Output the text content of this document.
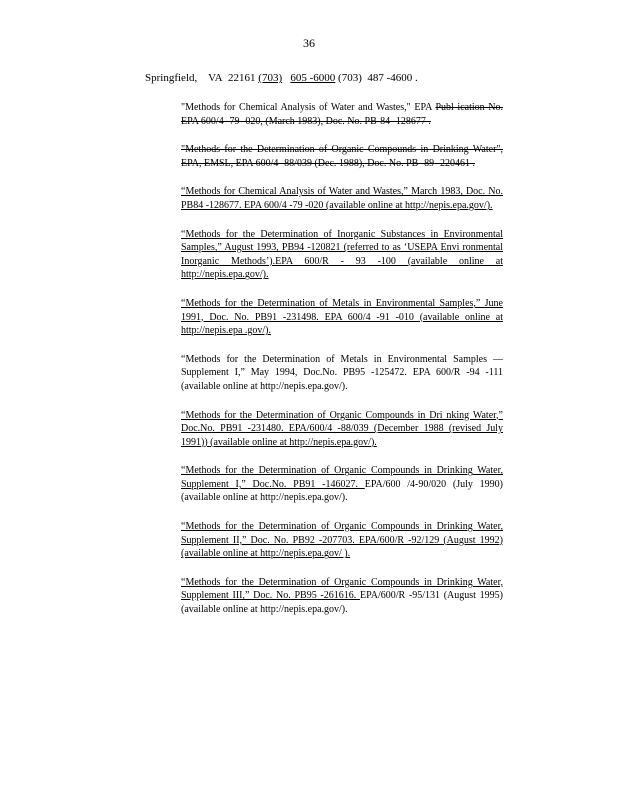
36
Springfield, VA 22161 (703) 605 -6000 (703) 487 -4600 .

"Methods for Chemical Analysis of Water and Wastes," EPA Publ ication No. EPA 600/4 -79 -020, (March 1983), Doc. No. PB-84 -128677 .

"Methods for the Determination of Organic Compounds in Drinking Water", EPA, EMSL, EPA 600/4 -88/039 (Dec. 1988), Doc. No. PB -89 -220461 .

“Methods for Chemical Analysis of Water and Wastes,” March 1983, Doc. No. PB84 -128677. EPA 600/4 -79 -020 (available online at http://nepis.epa.gov/).

“Methods for the Determination of Inorganic Substances in Environmental Samples,” August 1993, PB94 -120821 (referred to as ‘USEPA Envi ronmental Inorganic Methods’).EPA 600/R - 93 -100 (available online at http://nepis.epa.gov/).

“Methods for the Determination of Metals in Environmental Samples,” June 1991, Doc. No. PB91 -231498. EPA 600/4 -91 -010 (available online at http://nepis.epa .gov/).

“Methods for the Determination of Metals in Environmental Samples — Supplement I,” May 1994, Doc.No. PB95 -125472. EPA 600/R -94 -111 (available online at http://nepis.epa.gov/).

“Methods for the Determination of Organic Compounds in Dri nking Water,” Doc.No. PB91 -231480. EPA/600/4 -88/039 (December 1988 (revised July 1991)) (available online at http://nepis.epa.gov/).

“Methods for the Determination of Organic Compounds in Drinking Water, Supplement I,” Doc.No. PB91 -146027. EPA/600 /4-90/020 (July 1990) (available online at http://nepis.epa.gov/).

“Methods for the Determination of Organic Compounds in Drinking Water, Supplement II,” Doc. No. PB92 -207703. EPA/600/R -92/129 (August 1992) (available online at http://nepis.epa.gov/ ).

“Methods for the Determination of Organic Compounds in Drinking Water, Supplement III,” Doc. No. PB95 -261616. EPA/600/R -95/131 (August 1995) (available online at http://nepis.epa.gov/).
